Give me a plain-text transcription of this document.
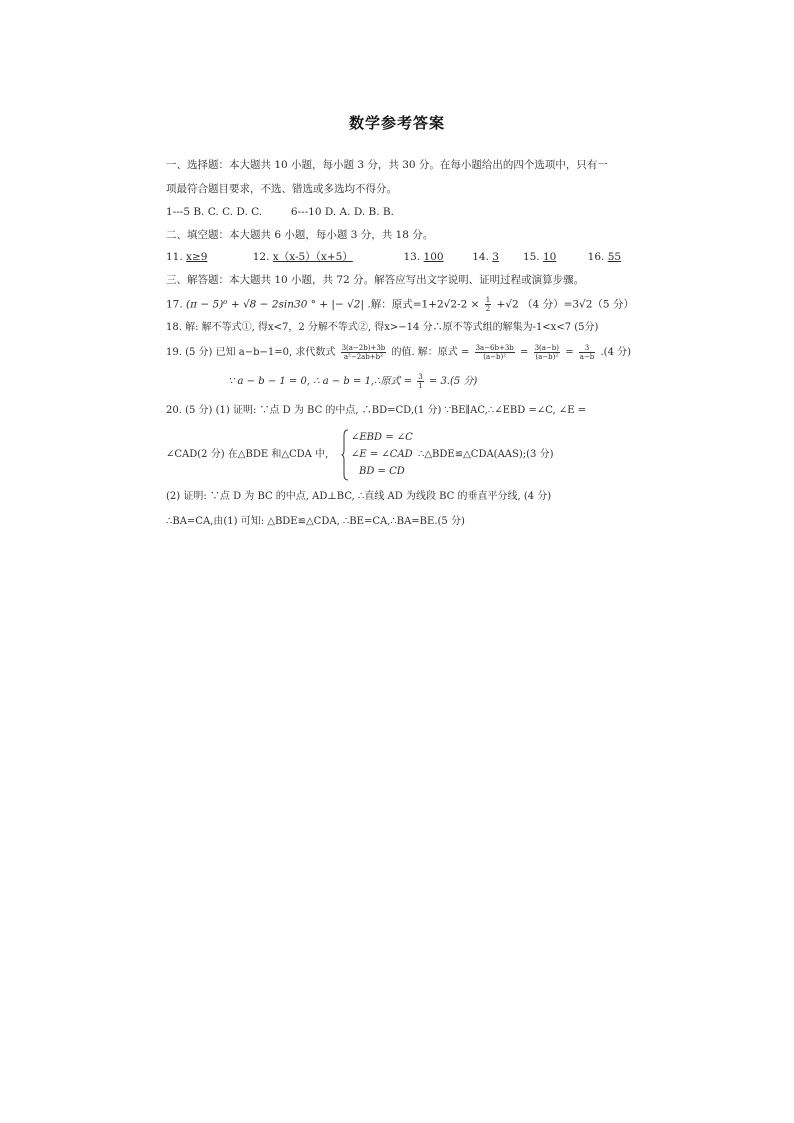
数学参考答案
一、选择题：本大题共 10 小题，每小题 3 分，共 30 分。在每小题给出的四个选项中，只有一
项最符合题目要求，不选、错选或多选均不得分。
1---5 B. C. C. D. C.	6---10 D. A. D. B. B.
二、填空题：本大题共 6 小题，每小题 3 分，共 18 分。
11. x≥9	12. x（x-5）（x+5）	13. 100	14. 3 15. 10	16. 55
三、解答题：本大题共 10 小题，共 72 分。解答应写出文字说明、证明过程或演算步骤。
17. (π − 5)⁰ + √8 − 2sin30 ° + |− √2| .解：原式$=1+2√2-2 \times \frac{1}{2} +√2$ （4 分）=3√2（5 分）
18. 解: 解不等式①, 得x<7，2 分解不等式②, 得x>−14 分∴原不等式组的解集为-1<x<7 (5分)
19. (5 分) 已知 a−b−1=0, 求代数式 $\frac{3(a-2b)+3b}{\text{a²−2ab+b²}}$ 的值. 解：原式 = $\frac{3a-6b+3b}{\text{(a−b)²}} = \frac{3(a-b)}{\text{(a−b)²}} = \frac{3}{a-b} .(4$ 分)
∵ a − b − 1 = 0, ∴ a − b = 1,∴原式 = $\frac{3}{1} = 3.(5$ 分)
20. (5 分) (1) 证明: ∵点 D 为 BC 的中点, ∴BD=CD,(1 分) ∵BE∥AC,∴∠EBD =∠C, ∠E =
∠CAD(2 分) 在△BDE 和△CDA 中,
∠EBD = ∠C
∠E = ∠CAD
BD = CD
∴△BDE≌△CDA(AAS);(3 分)
(2) 证明: ∵点 D 为 BC 的中点, AD⊥BC, ∴直线 AD 为线段 BC 的垂直平分线, (4 分)
∴BA=CA,由(1) 可知: △BDE≌△CDA, ∴BE=CA,∴BA=BE.(5 分)
